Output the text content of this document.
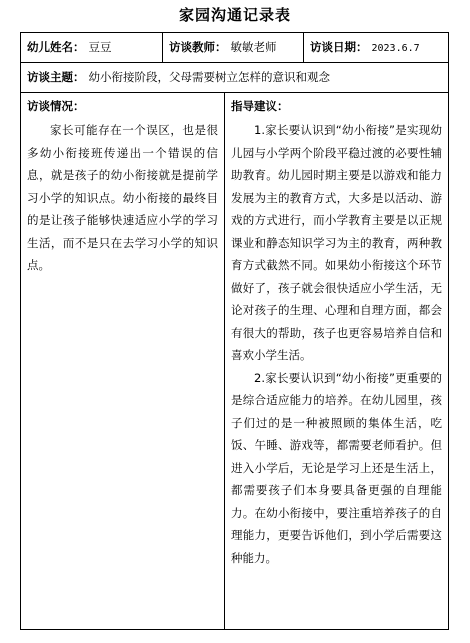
家园沟通记录表
幼儿姓名： 豆豆	访谈教师： 敏敏老师	访谈日期： 2023.6.7
访谈主题： 幼小衔接阶段，父母需要树立怎样的意识和观念
访谈情况：

家长可能存在一个误区，也是很多幼小衔接班传递出一个错误的信息，就是孩子的幼小衔接就是提前学习小学的知识点。幼小衔接的最终目的是让孩子能够快速适应小学的学习生活，而不是只在去学习小学的知识点。

指导建议：

1.家长要认识到“幼小衔接”是实现幼儿园与小学两个阶段平稳过渡的必要性辅助教育。幼儿园时期主要是以游戏和能力发展为主的教育方式，大多是以活动、游戏的方式进行，而小学教育主要是以正规课业和静态知识学习为主的教育，两种教育方式截然不同。如果幼小衔接这个环节做好了，孩子就会很快适应小学生活，无论对孩子的生理、心理和自理方面，都会有很大的帮助，孩子也更容易培养自信和喜欢小学生活。

2.家长要认识到“幼小衔接”更重要的是综合适应能力的培养。在幼儿园里，孩子们过的是一种被照顾的集体生活，吃饭、午睡、游戏等，都需要老师看护。但进入小学后，无论是学习上还是生活上，都需要孩子们本身要具备更强的自理能力。在幼小衔接中，要注重培养孩子的自理能力，更要告诉他们，到小学后需要这种能力。
